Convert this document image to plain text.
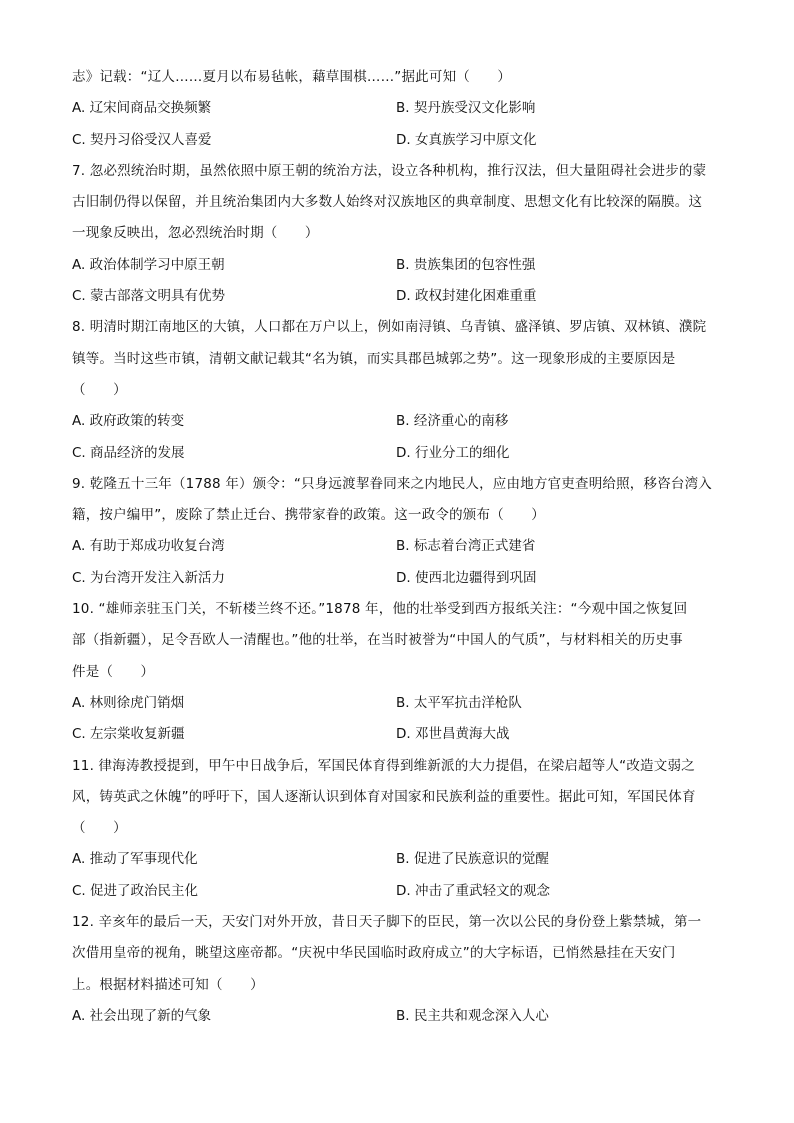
志》记载：“辽人……夏月以布易毡帐，藉草围棋……”据此可知（　　）
A. 辽宋间商品交换频繁	B. 契丹族受汉文化影响
C. 契丹习俗受汉人喜爱	D. 女真族学习中原文化
7. 忽必烈统治时期，虽然依照中原王朝的统治方法，设立各种机构，推行汉法，但大量阻碍社会进步的蒙
古旧制仍得以保留，并且统治集团内大多数人始终对汉族地区的典章制度、思想文化有比较深的隔膜。这
一现象反映出，忽必烈统治时期（　　）
A. 政治体制学习中原王朝	B. 贵族集团的包容性强
C. 蒙古部落文明具有优势	D. 政权封建化困难重重
8. 明清时期江南地区的大镇，人口都在万户以上，例如南浔镇、乌青镇、盛泽镇、罗店镇、双林镇、濮院
镇等。当时这些市镇，清朝文献记载其“名为镇，而实具郡邑城郭之势”。这一现象形成的主要原因是
（　　）
A. 政府政策的转变	B. 经济重心的南移
C. 商品经济的发展	D. 行业分工的细化
9. 乾隆五十三年（1788 年）颁令：“只身远渡挈眷同来之内地民人，应由地方官吏查明给照，移咨台湾入
籍，按户编甲”，废除了禁止迁台、携带家眷的政策。这一政令的颁布（　　）
A. 有助于郑成功收复台湾	B. 标志着台湾正式建省
C. 为台湾开发注入新活力	D. 使西北边疆得到巩固
10. “雄师亲驻玉门关，不斩楼兰终不还。”1878 年，他的壮举受到西方报纸关注：“今观中国之恢复回
部（指新疆），足令吾欧人一清醒也。”他的壮举，在当时被誉为“中国人的气质”，与材料相关的历史事
件是（　　）
A. 林则徐虎门销烟	B. 太平军抗击洋枪队
C. 左宗棠收复新疆	D. 邓世昌黄海大战
11. 律海涛教授提到，甲午中日战争后，军国民体育得到维新派的大力提倡，在梁启超等人“改造文弱之
风，铸英武之休魄”的呼吁下，国人逐渐认识到体育对国家和民族利益的重要性。据此可知，军国民体育
（　　）
A. 推动了军事现代化	B. 促进了民族意识的觉醒
C. 促进了政治民主化	D. 冲击了重武轻文的观念
12. 辛亥年的最后一天，天安门对外开放，昔日天子脚下的臣民，第一次以公民的身份登上紫禁城，第一
次借用皇帝的视角，眺望这座帝都。“庆祝中华民国临时政府成立”的大字标语，已悄然悬挂在天安门
上。根据材料描述可知（　　）
A. 社会出现了新的气象	B. 民主共和观念深入人心
